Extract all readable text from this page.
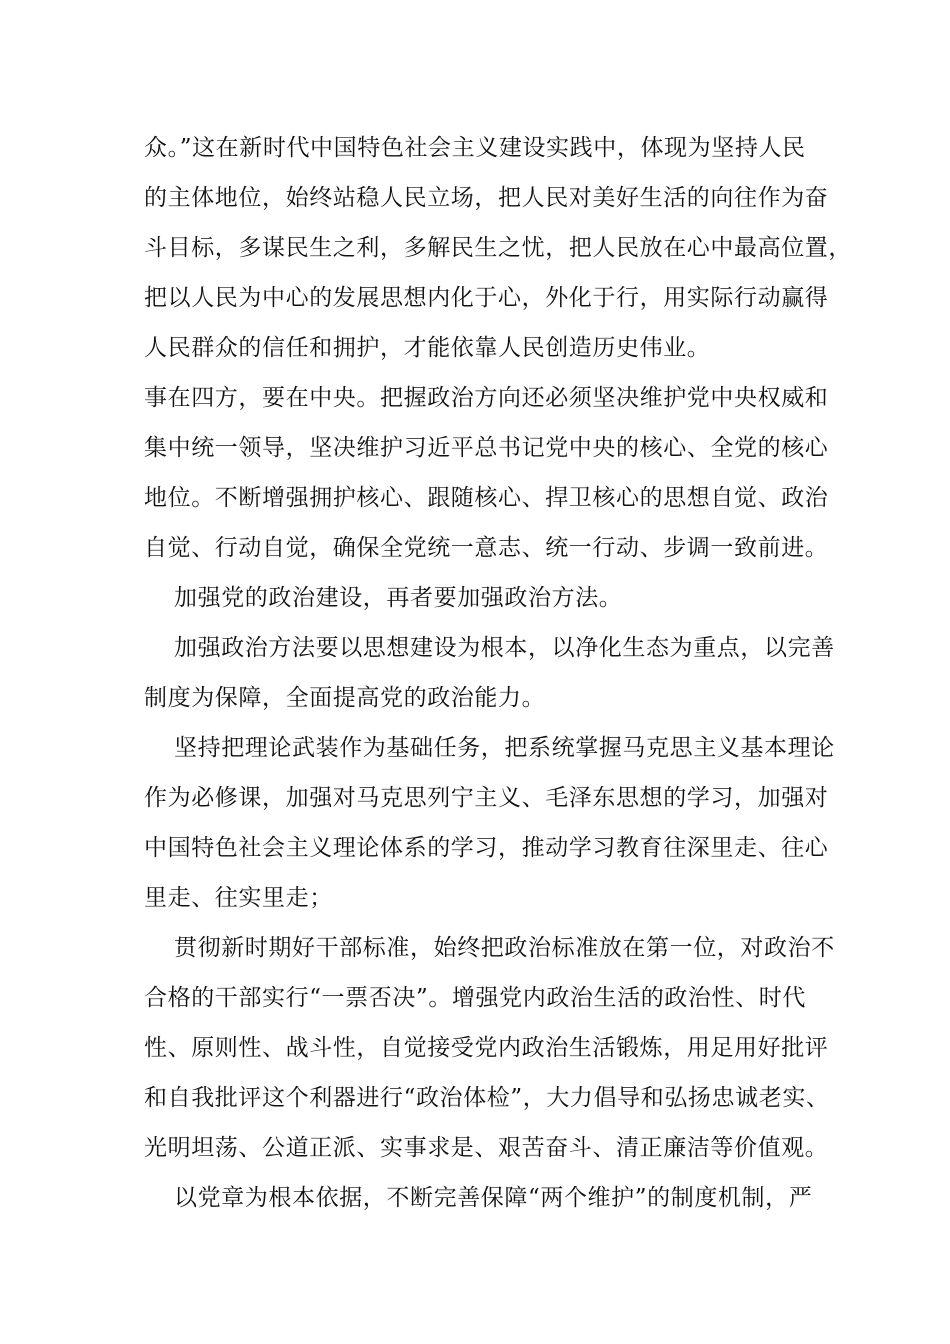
众。”这在新时代中国特色社会主义建设实践中，体现为坚持人民
的主体地位，始终站稳人民立场，把人民对美好生活的向往作为奋
斗目标，多谋民生之利，多解民生之忧，把人民放在心中最高位置，
把以人民为中心的发展思想内化于心，外化于行，用实际行动赢得
人民群众的信任和拥护，才能依靠人民创造历史伟业。
事在四方，要在中央。把握政治方向还必须坚决维护党中央权威和
集中统一领导，坚决维护习近平总书记党中央的核心、全党的核心
地位。不断增强拥护核心、跟随核心、捍卫核心的思想自觉、政治
自觉、行动自觉，确保全党统一意志、统一行动、步调一致前进。
加强党的政治建设，再者要加强政治方法。
加强政治方法要以思想建设为根本，以净化生态为重点，以完善
制度为保障，全面提高党的政治能力。
坚持把理论武装作为基础任务，把系统掌握马克思主义基本理论
作为必修课，加强对马克思列宁主义、毛泽东思想的学习，加强对
中国特色社会主义理论体系的学习，推动学习教育往深里走、往心
里走、往实里走；
贯彻新时期好干部标准，始终把政治标准放在第一位，对政治不
合格的干部实行“一票否决”。增强党内政治生活的政治性、时代
性、原则性、战斗性，自觉接受党内政治生活锻炼，用足用好批评
和自我批评这个利器进行“政治体检”，大力倡导和弘扬忠诚老实、
光明坦荡、公道正派、实事求是、艰苦奋斗、清正廉洁等价值观。
以党章为根本依据，不断完善保障“两个维护”的制度机制，严
